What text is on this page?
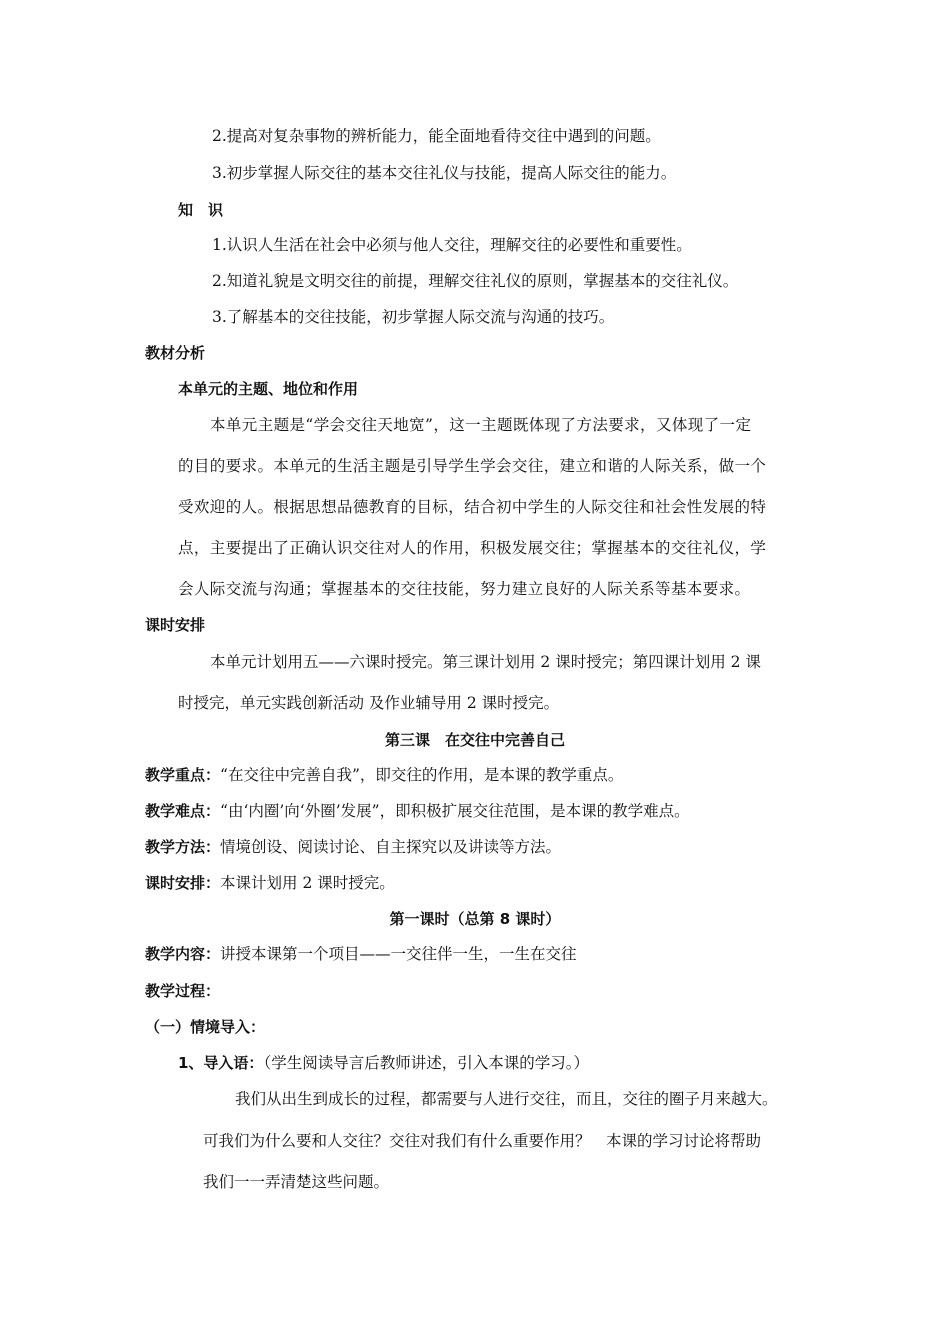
2.提高对复杂事物的辨析能力，能全面地看待交往中遇到的问题。
3.初步掌握人际交往的基本交往礼仪与技能，提高人际交往的能力。
知　识
1.认识人生活在社会中必须与他人交往，理解交往的必要性和重要性。
2.知道礼貌是文明交往的前提，理解交往礼仪的原则，掌握基本的交往礼仪。
3.了解基本的交往技能，初步掌握人际交流与沟通的技巧。
教材分析
本单元的主题、地位和作用
本单元主题是“学会交往天地宽”，这一主题既体现了方法要求，又体现了一定
的目的要求。本单元的生活主题是引导学生学会交往，建立和谐的人际关系，做一个
受欢迎的人。根据思想品德教育的目标，结合初中学生的人际交往和社会性发展的特
点，主要提出了正确认识交往对人的作用，积极发展交往；掌握基本的交往礼仪，学
会人际交流与沟通；掌握基本的交往技能，努力建立良好的人际关系等基本要求。
课时安排
本单元计划用五——六课时授完。第三课计划用 2 课时授完；第四课计划用 2 课
时授完，单元实践创新活动 及作业辅导用 2 课时授完。
第三课　在交往中完善自己
教学重点：“在交往中完善自我”，即交往的作用，是本课的教学重点。
教学难点：“由‘内圈’向‘外圈’发展”，即积极扩展交往范围，是本课的教学难点。
教学方法：情境创设、阅读讨论、自主探究以及讲读等方法。
课时安排：本课计划用 2 课时授完。
第一课时（总第 8 课时）
教学内容：讲授本课第一个项目——一交往伴一生，一生在交往
教学过程：
（一）情境导入：
1、导入语：（学生阅读导言后教师讲述，引入本课的学习。）
我们从出生到成长的过程，都需要与人进行交往，而且，交往的圈子月来越大。
可我们为什么要和人交往？交往对我们有什么重要作用？　本课的学习讨论将帮助
我们一一弄清楚这些问题。
